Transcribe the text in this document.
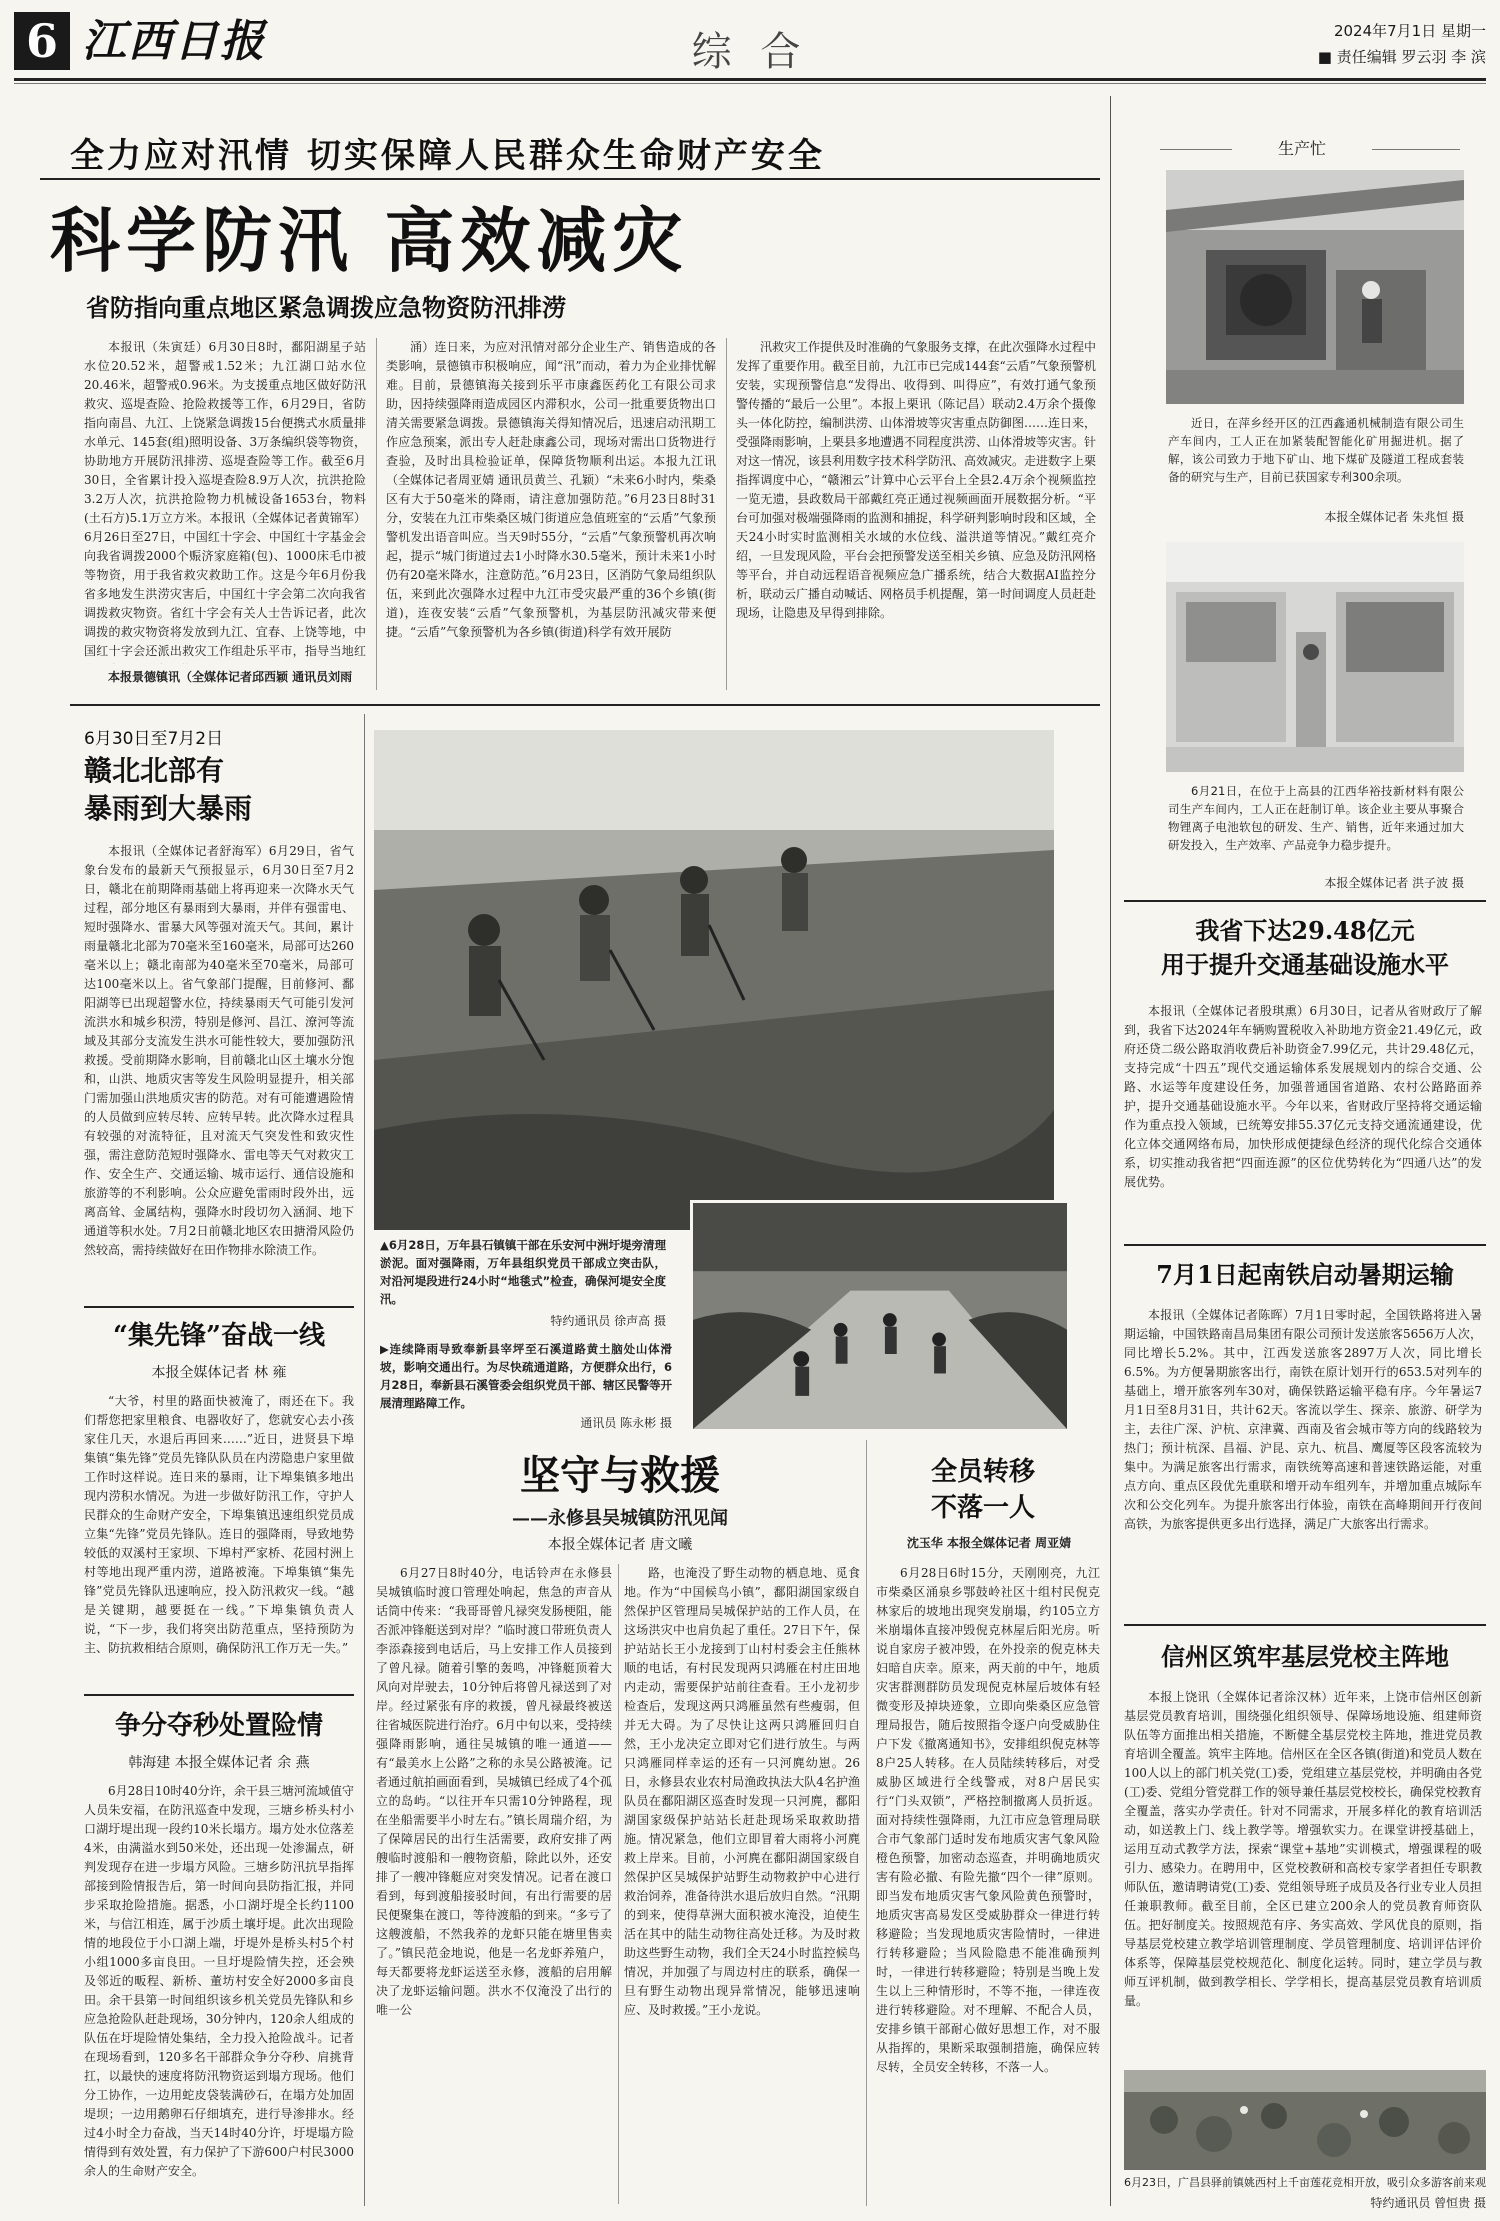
6 江西日报	综 合	2024年7月1日 星期一
■ 责任编辑 罗云羽 李 滨
全力应对汛情 切实保障人民群众生命财产安全
科学防汛 高效减灾
省防指向重点地区紧急调拨应急物资防汛排涝
本报讯（朱寅廷）6月30日8时，鄱阳湖星子站水位20.52米，超警戒1.52米；九江湖口站水位20.46米，超警戒0.96米。为支援重点地区做好防汛救灾、巡堤查险、抢险救援等工作，6月29日，省防指向南昌、九江、上饶紧急调拨15台便携式水质量排水单元、145套(组)照明设备、3万条编织袋等物资，协助地方开展防汛排涝、巡堤查险等工作。截至6月30日，全省累计投入巡堤查险8.9万人次，抗洪抢险3.2万人次，抗洪抢险物力机械设备1653台，物料(土石方)5.1万立方米。本报讯（全媒体记者黄锦军）6月26日至27日，中国红十字会、中国红十字基金会向我省调拨2000个赈济家庭箱(包)、1000床毛巾被等物资，用于我省救灾救助工作。这是今年6月份我省多地发生洪涝灾害后，中国红十字会第二次向我省调拨救灾物资。省红十字会有关人士告诉记者，此次调拨的救灾物资将发放到九江、宜春、上饶等地，中国红十字会还派出救灾工作组赴乐平市，指导当地红
本报景德镇讯（全媒体记者邱西颖 通讯员刘雨
涌）连日来，为应对汛情对部分企业生产、销售造成的各类影响，景德镇市积极响应，闻“汛”而动，着力为企业排忧解难。目前，景德镇海关接到乐平市康鑫医药化工有限公司求助，因持续强降雨造成园区内滞积水，公司一批重要货物出口清关需要紧急调拨。景德镇海关得知情况后，迅速启动汛期工作应急预案，派出专人赶赴康鑫公司，现场对需出口货物进行查验，及时出具检验证单，保障货物顺利出运。本报九江讯（全媒体记者周亚婧 通讯员黄兰、孔颖）“未来6小时内，柴桑区有大于50毫米的降雨，请注意加强防范。”6月23日8时31分，安装在九江市柴桑区城门街道应急值班室的“云盾”气象预警机发出语音叫应。当天9时55分，“云盾”气象预警机再次响起，提示“城门街道过去1小时降水30.5毫米，预计未来1小时仍有20毫米降水，注意防范。”6月23日，区消防气象局组织队伍，来到此次强降水过程中九江市受灾最严重的36个乡镇(街道)，连夜安装“云盾”气象预警机，为基层防汛减灾带来便捷。“云盾”气象预警机为各乡镇(街道)科学有效开展防
汛救灾工作提供及时准确的气象服务支撑，在此次强降水过程中发挥了重要作用。截至目前，九江市已完成144套“云盾”气象预警机安装，实现预警信息“发得出、收得到、叫得应”，有效打通气象预警传播的“最后一公里”。本报上栗讯（陈记昌）联动2.4万余个摄像头一体化防控，编制洪涝、山体滑坡等灾害重点防御图……连日来，受强降雨影响，上栗县多地遭遇不同程度洪涝、山体滑坡等灾害。针对这一情况，该县利用数字技术科学防汛、高效减灾。走进数字上栗指挥调度中心，“赣湘云”计算中心云平台上全县2.4万余个视频监控一览无遗，县政数局干部戴红亮正通过视频画面开展数据分析。“平台可加强对极端强降雨的监测和捕捉，科学研判影响时段和区域，全天24小时实时监测相关水域的水位线、溢洪道等情况。”戴红亮介绍，一旦发现风险，平台会把预警发送至相关乡镇、应急及防汛网格等平台，并自动远程语音视频应急广播系统，结合大数据AI监控分析，联动云广播自动喊话、网格员手机提醒，第一时间调度人员赶赴现场，让隐患及早得到排除。
生产忙
近日，在萍乡经开区的江西鑫通机械制造有限公司生产车间内，工人正在加紧装配智能化矿用掘进机。据了解，该公司致力于地下矿山、地下煤矿及隧道工程成套装备的研究与生产，目前已获国家专利300余项。
本报全媒体记者 朱兆恒 摄
6月21日，在位于上高县的江西华裕技新材料有限公司生产车间内，工人正在赶制订单。该企业主要从事聚合物锂离子电池软包的研发、生产、销售，近年来通过加大研发投入，生产效率、产品竞争力稳步提升。
本报全媒体记者 洪子波 摄
我省下达29.48亿元
用于提升交通基础设施水平
本报讯（全媒体记者殷琪熏）6月30日，记者从省财政厅了解到，我省下达2024年车辆购置税收入补助地方资金21.49亿元，政府还贷二级公路取消收费后补助资金7.99亿元，共计29.48亿元，支持完成“十四五”现代交通运输体系发展规划内的综合交通、公路、水运等年度建设任务，加强普通国省道路、农村公路路面养护，提升交通基础设施水平。今年以来，省财政厅坚持将交通运输作为重点投入领域，已统筹安排55.37亿元支持交通流通建设，优化立体交通网络布局，加快形成便捷绿色经济的现代化综合交通体系，切实推动我省把“四面连源”的区位优势转化为“四通八达”的发展优势。
7月1日起南铁启动暑期运输
本报讯（全媒体记者陈晖）7月1日零时起，全国铁路将进入暑期运输，中国铁路南昌局集团有限公司预计发送旅客5656万人次，同比增长5.2%。其中，江西发送旅客2897万人次，同比增长6.5%。为方便暑期旅客出行，南铁在原计划开行的653.5对列车的基础上，增开旅客列车30对，确保铁路运输平稳有序。今年暑运7月1日至8月31日，共计62天。客流以学生、探亲、旅游、研学为主，去往广深、沪杭、京津冀、西南及省会城市等方向的线路较为热门；预计杭深、昌福、沪昆、京九、杭昌、鹰厦等区段客流较为集中。为满足旅客出行需求，南铁统筹高速和普速铁路运能，对重点方向、重点区段优先重联和增开动车组列车，并增加重点城际车次和公交化列车。为提升旅客出行体验，南铁在高峰期间开行夜间高铁，为旅客提供更多出行选择，满足广大旅客出行需求。
信州区筑牢基层党校主阵地
本报上饶讯（全媒体记者涂汉林）近年来，上饶市信州区创新基层党员教育培训，围绕强化组织领导、保障场地设施、组建师资队伍等方面推出相关措施，不断健全基层党校主阵地，推进党员教育培训全覆盖。筑牢主阵地。信州区在全区各镇(街道)和党员人数在100人以上的部门机关党(工)委，党组建立基层党校，并明确由各党(工)委、党组分管党群工作的领导兼任基层党校校长，确保党校教育全覆盖，落实办学责任。针对不同需求，开展多样化的教育培训活动，如送教上门、线上教学等。增强软实力。在课堂讲授基础上，运用互动式教学方法，探索“课堂+基地”实训模式，增强课程的吸引力、感染力。在聘用中，区党校教研和高校专家学者担任专职教师队伍，邀请聘请党(工)委、党组领导班子成员及各行业专业人员担任兼职教师。截至目前，全区已建立200余人的党员教育师资队伍。把好制度关。按照规范有序、务实高效、学风优良的原则，指导基层党校建立教学培训管理制度、学员管理制度、培训评估评价体系等，保障基层党校规范化、制度化运转。同时，建立学员与教师互评机制，做到教学相长、学学相长，提高基层党员教育培训质量。
6月23日，广昌县驿前镇姚西村上千亩莲花竞相开放，吸引众多游客前来观
特约通讯员 曾恒贵 摄
6月30日至7月2日
赣北北部有
暴雨到大暴雨
本报讯（全媒体记者舒海军）6月29日，省气象台发布的最新天气预报显示，6月30日至7月2日，赣北在前期降雨基础上将再迎来一次降水天气过程，部分地区有暴雨到大暴雨，并伴有强雷电、短时强降水、雷暴大风等强对流天气。其间，累计雨量赣北北部为70毫米至160毫米，局部可达260毫米以上；赣北南部为40毫米至70毫米，局部可达100毫米以上。省气象部门提醒，目前修河、鄱阳湖等已出现超警水位，持续暴雨天气可能引发河流洪水和城乡积涝，特别是修河、昌江、潦河等流域及其部分支流发生洪水可能性较大，要加强防汛救援。受前期降水影响，目前赣北山区土壤水分饱和，山洪、地质灾害等发生风险明显提升，相关部门需加强山洪地质灾害的防范。对有可能遭遇险情的人员做到应转尽转、应转早转。此次降水过程具有较强的对流特征，且对流天气突发性和致灾性强，需注意防范短时强降水、雷电等天气对救灾工作、安全生产、交通运输、城市运行、通信设施和旅游等的不利影响。公众应避免雷雨时段外出，远离高耸、金属结构，强降水时段切勿入涵洞、地下通道等积水处。7月2日前赣北地区农田搪滑风险仍然较高，需持续做好在田作物排水除渍工作。
“集先锋”奋战一线
本报全媒体记者 林 雍
“大爷，村里的路面快被淹了，雨还在下。我们帮您把家里粮食、电器收好了，您就安心去小孩家住几天，水退后再回来……”近日，进贤县下埠集镇“集先锋”党员先锋队队员在内涝隐患户家里做工作时这样说。连日来的暴雨，让下埠集镇多地出现内涝积水情况。为进一步做好防汛工作，守护人民群众的生命财产安全，下埠集镇迅速组织党员成立集“先锋”党员先锋队。连日的强降雨，导致地势较低的双溪村王家坝、下埠村严家桥、花园村洲上村等地出现严重内涝，道路被淹。下埠集镇“集先锋”党员先锋队迅速响应，投入防汛救灾一线。“越是关键期，越要挺在一线。”下埠集镇负责人说，“下一步，我们将突出防范重点，坚持预防为主、防抗救相结合原则，确保防汛工作万无一失。”
争分夺秒处置险情
韩海建 本报全媒体记者 余 燕
6月28日10时40分许，余干县三塘河流域值守人员朱安福，在防汛巡查中发现，三塘乡桥头村小口湖圩堤出现一段约10米长塌方。塌方处水位落差4米，由满溢水到50米处，还出现一处渗漏点，研判发现存在进一步塌方风险。三塘乡防汛抗旱指挥部接到险情报告后，第一时间向县防指汇报，并同步采取抢险措施。据悉，小口湖圩堤全长约1100米，与信江相连，属于沙质土壤圩堤。此次出现险情的地段位于小口湖上端，圩堤外是桥头村5个村小组1000多亩良田。一旦圩堤险情失控，还会殃及邻近的畈程、新桥、董坊村安全好2000多亩良田。余干县第一时间组织该乡机关党员先锋队和乡应急抢险队赶赴现场，30分钟内，120余人组成的队伍在圩堤险情处集结，全力投入抢险战斗。记者在现场看到，120多名干部群众争分夺秒、肩挑背扛，以最快的速度将防汛物资运到塌方现场。他们分工协作，一边用蛇皮袋装满砂石，在塌方处加固堤坝；一边用鹅卵石仔细填充，进行导渗排水。经过4小时全力奋战，当天14时40分许，圩堤塌方险情得到有效处置，有力保护了下游600户村民3000余人的生命财产安全。
▲6月28日，万年县石镇镇干部在乐安河中洲圩堤旁清理淤泥。面对强降雨，万年县组织党员干部成立突击队，对沿河堤段进行24小时“地毯式”检查，确保河堤安全度汛。
特约通讯员 徐声高 摄
▶连续降雨导致奉新县宰坪至石溪道路黄土脑处山体滑坡，影响交通出行。为尽快疏通道路，方便群众出行，6月28日，奉新县石溪管委会组织党员干部、辖区民警等开展清理路障工作。
通讯员 陈永彬 摄
坚守与救援
——永修县吴城镇防汛见闻
本报全媒体记者 唐文曦
6月27日8时40分，电话铃声在永修县吴城镇临时渡口管理处响起，焦急的声音从话筒中传来：“我哥哥曾凡禄突发肠梗阻，能否派冲锋艇送到对岸？”临时渡口带班负责人李添森接到电话后，马上安排工作人员接到了曾凡禄。随着引擎的轰鸣，冲锋艇顶着大风向对岸驶去，10分钟后将曾凡禄送到了对岸。经过紧张有序的救援，曾凡禄最终被送往省城医院进行治疗。6月中旬以来，受持续强降雨影响，通往吴城镇的唯一通道——有“最美水上公路”之称的永吴公路被淹。记者通过航拍画面看到，吴城镇已经成了4个孤立的岛屿。“以往开车只需10分钟路程，现在坐船需要半小时左右。”镇长周瑞介绍，为了保障居民的出行生活需要，政府安排了两艘临时渡船和一艘物资船，除此以外，还安排了一艘冲锋艇应对突发情况。记者在渡口看到，每到渡船接驳时间，有出行需要的居民便聚集在渡口，等待渡船的到来。“多亏了这艘渡船，不然我养的龙虾只能在塘里售卖了。”镇民范金地说，他是一名龙虾养殖户，每天都要将龙虾运送至永修，渡船的启用解决了龙虾运输问题。洪水不仅淹没了出行的唯一公
路，也淹没了野生动物的栖息地、觅食地。作为“中国候鸟小镇”，鄱阳湖国家级自然保护区管理局吴城保护站的工作人员，在这场洪灾中也肩负起了重任。27日下午，保护站站长王小龙接到丁山村村委会主任熊林顺的电话，有村民发现两只鸿雁在村庄田地内走动，需要保护站前往查看。王小龙初步检查后，发现这两只鸿雁虽然有些瘦弱，但并无大碍。为了尽快让这两只鸿雁回归自然，王小龙决定立即对它们进行放生。与两只鸿雁同样幸运的还有一只河麂幼崽。26日，永修县农业农村局渔政执法大队4名护渔队员在鄱阳湖区巡查时发现一只河麂，鄱阳湖国家级保护站站长赶赴现场采取救助措施。情况紧急，他们立即冒着大雨将小河麂救上岸来。目前，小河麂在鄱阳湖国家级自然保护区吴城保护站野生动物救护中心进行救治饲养，准备待洪水退后放归自然。“汛期的到来，使得草洲大面积被水淹没，迫使生活在其中的陆生动物往高处迁移。为及时救助这些野生动物，我们全天24小时监控候鸟情况，并加强了与周边村庄的联系，确保一旦有野生动物出现异常情况，能够迅速响应、及时救援。”王小龙说。
全员转移
不落一人
沈玉华 本报全媒体记者 周亚婧
6月28日6时15分，天刚刚亮，九江市柴桑区涌泉乡鄂鼓岭社区十组村民倪克林家后的坡地出现突发崩塌，约105立方米崩塌体直接冲毁倪克林屋后阳光房。听说自家房子被冲毁，在外投亲的倪克林夫妇暗自庆幸。原来，两天前的中午，地质灾害群测群防员发现倪克林屋后坡体有轻微变形及掉块迹象，立即向柴桑区应急管理局报告，随后按照指令逐户向受威胁住户下发《撤离通知书》，安排组织倪克林等8户25人转移。在人员陆续转移后，对受威胁区域进行全线警戒，对8户居民实行“门头双锁”，严格控制撤离人员折返。面对持续性强降雨，九江市应急管理局联合市气象部门适时发布地质灾害气象风险橙色预警，加密动态巡查，并明确地质灾害有险必撤、有险先撤“四个一律”原则。即当发布地质灾害气象风险黄色预警时，地质灾害高易发区受威胁群众一律进行转移避险；当发现地质灾害险情时，一律进行转移避险；当风险隐患不能准确预判时，一律进行转移避险；特别是当晚上发生以上三种情形时，不等不拖，一律连夜进行转移避险。对不理解、不配合人员，安排乡镇干部耐心做好思想工作，对不服从指挥的，果断采取强制措施，确保应转尽转，全员安全转移，不落一人。
